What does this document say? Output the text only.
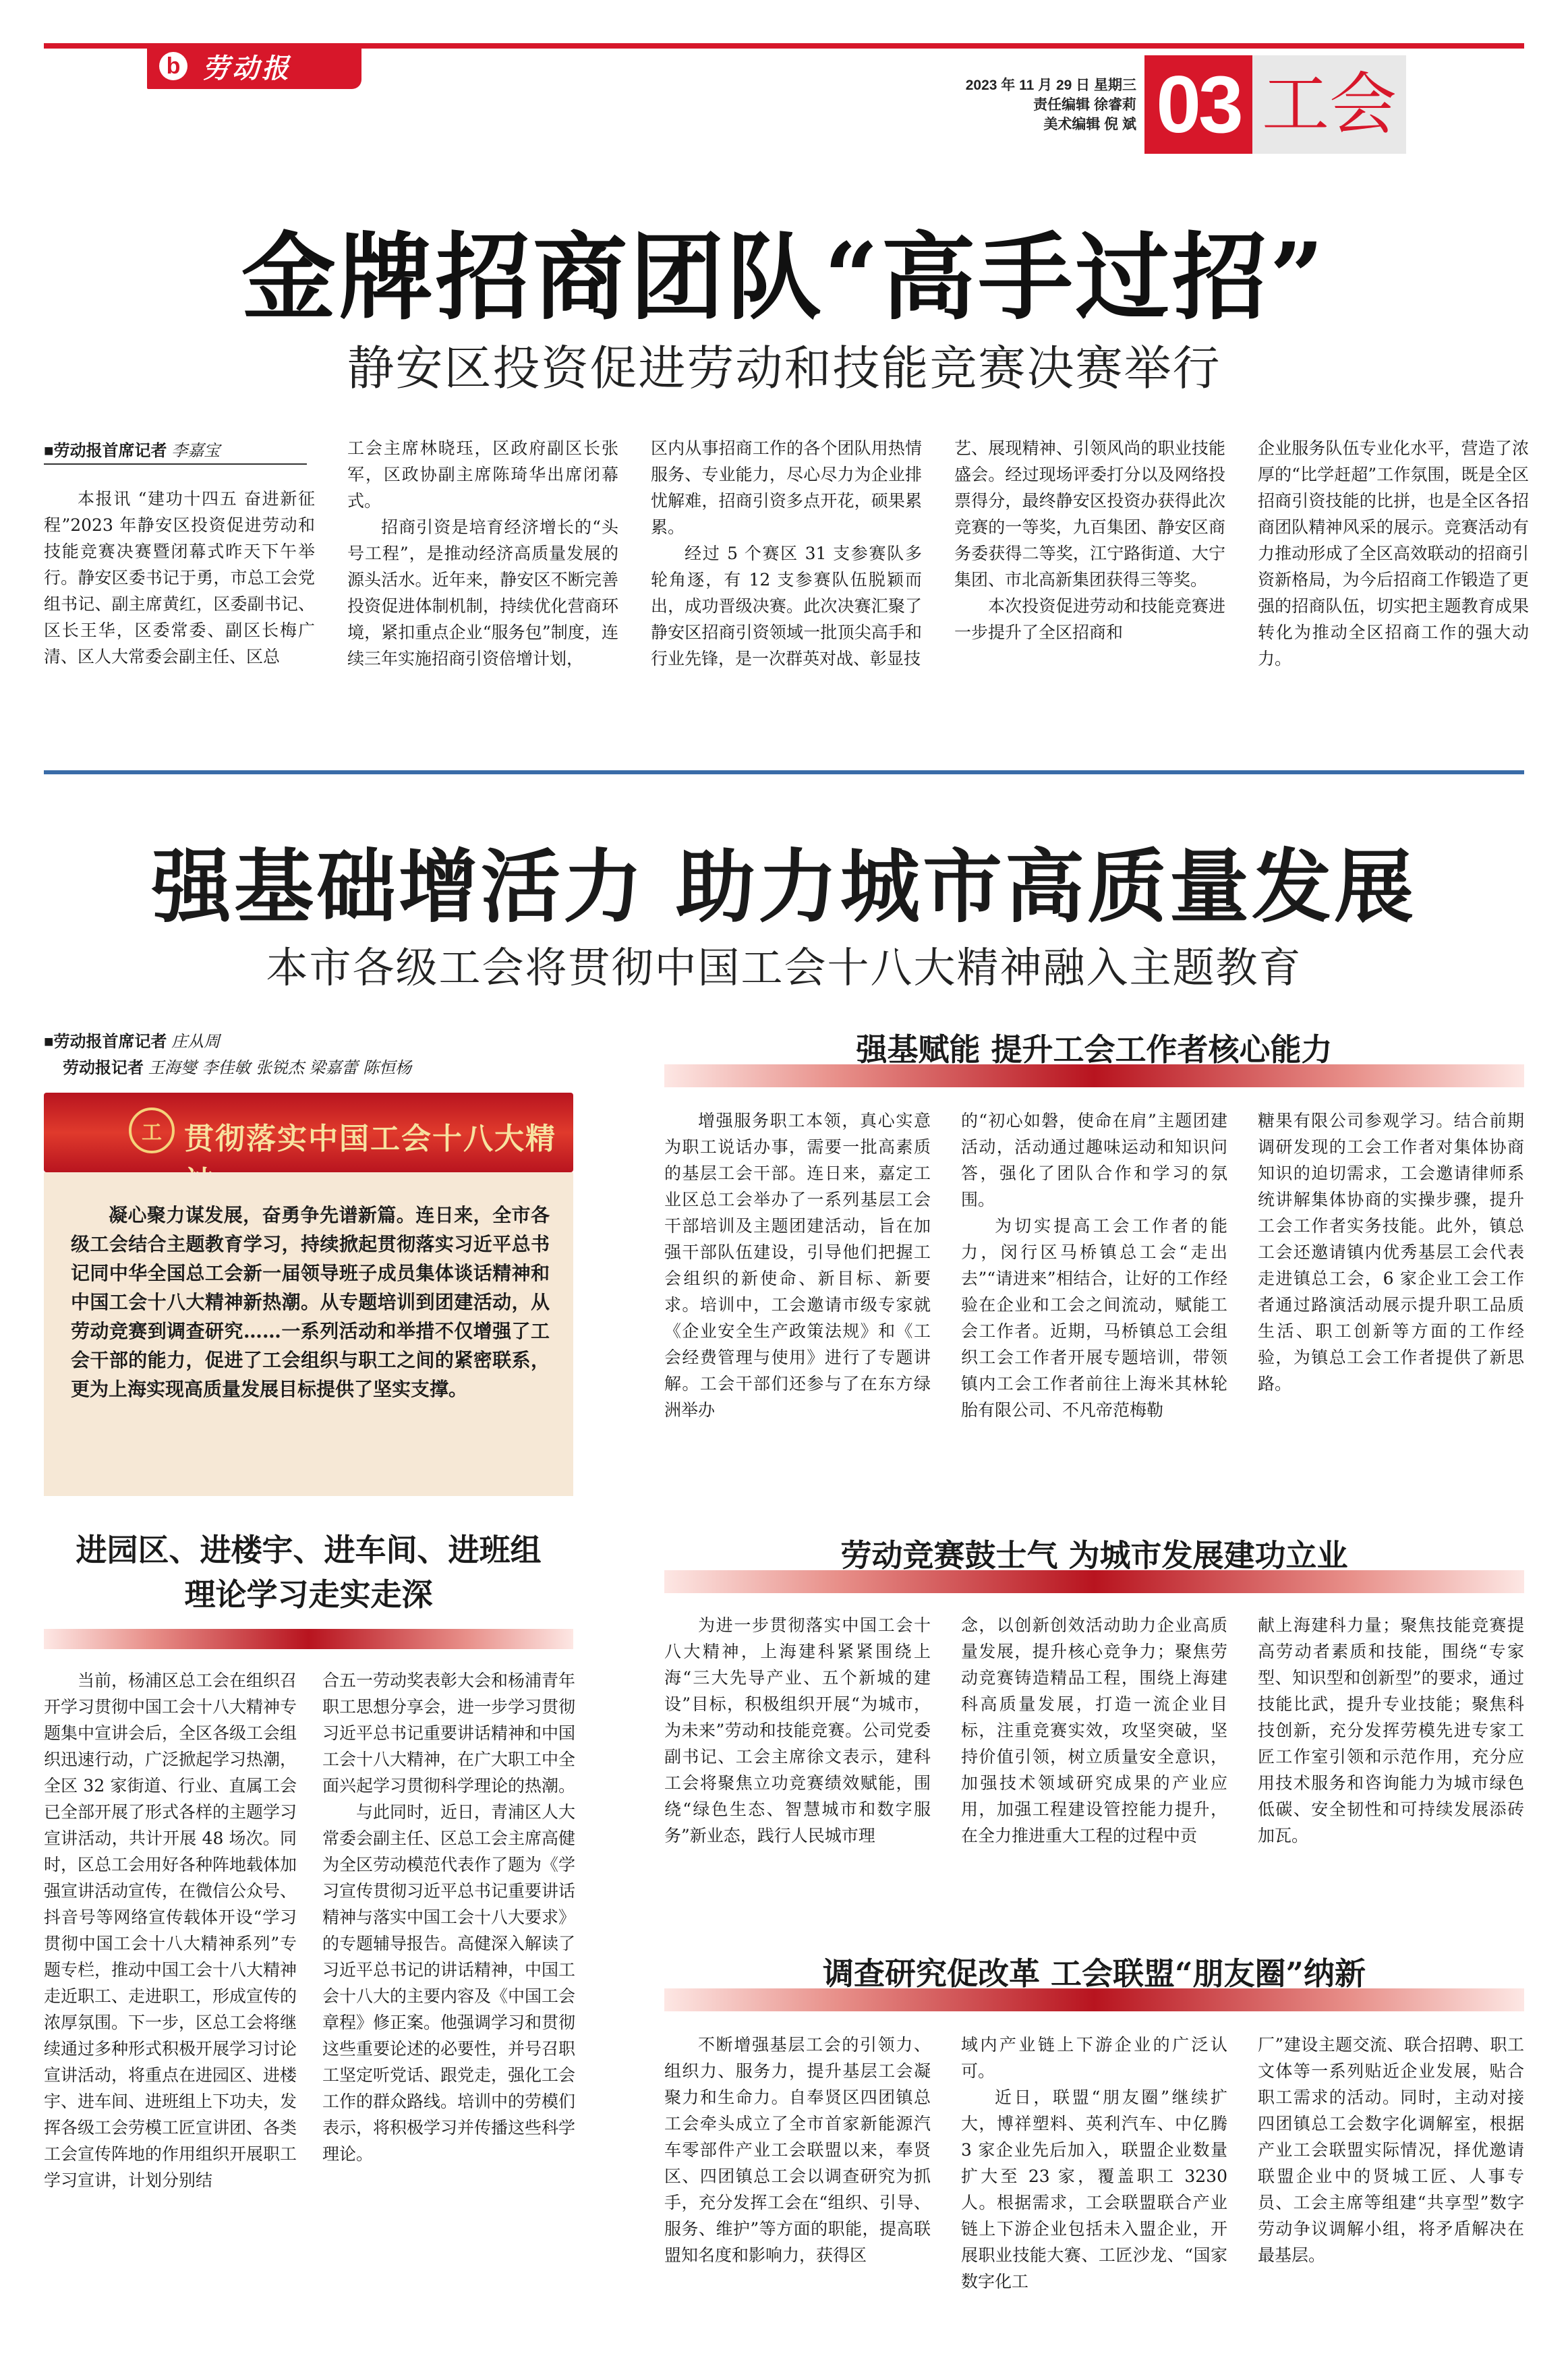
b 劳动报
2023 年 11 月 29 日 星期三
责任编辑 徐睿莉
美术编辑 倪 斌 03 工会
金牌招商团队“高手过招”
静安区投资促进劳动和技能竞赛决赛举行
■劳动报首席记者 李嘉宝

本报讯 “建功十四五 奋进新征程”2023 年静安区投资促进劳动和技能竞赛决赛暨闭幕式昨天下午举行。静安区委书记于勇，市总工会党组书记、副主席黄红，区委副书记、区长王华，区委常委、副区长梅广清、区人大常委会副主任、区总

工会主席林晓珏，区政府副区长张军，区政协副主席陈琦华出席闭幕式。

招商引资是培育经济增长的“头号工程”，是推动经济高质量发展的源头活水。近年来，静安区不断完善投资促进体制机制，持续优化营商环境，紧扣重点企业“服务包”制度，连续三年实施招商引资倍增计划，

区内从事招商工作的各个团队用热情服务、专业能力，尽心尽力为企业排忧解难，招商引资多点开花，硕果累累。

经过 5 个赛区 31 支参赛队多轮角逐，有 12 支参赛队伍脱颖而出，成功晋级决赛。此次决赛汇聚了静安区招商引资领域一批顶尖高手和行业先锋，是一次群英对战、彰显技

艺、展现精神、引领风尚的职业技能盛会。经过现场评委打分以及网络投票得分，最终静安区投资办获得此次竞赛的一等奖，九百集团、静安区商务委获得二等奖，江宁路街道、大宁集团、市北高新集团获得三等奖。

本次投资促进劳动和技能竞赛进一步提升了全区招商和

企业服务队伍专业化水平，营造了浓厚的“比学赶超”工作氛围，既是全区招商引资技能的比拼，也是全区各招商团队精神风采的展示。竞赛活动有力推动形成了全区高效联动的招商引资新格局，为今后招商工作锻造了更强的招商队伍，切实把主题教育成果转化为推动全区招商工作的强大动力。

强基础增活力 助力城市高质量发展
本市各级工会将贯彻中国工会十八大精神融入主题教育
■劳动报首席记者 庄从周
劳动报记者 王海燮 李佳敏 张锐杰 梁嘉蕾 陈恒杨
工 贯彻落实中国工会十八大精
凝心聚力谋发展，奋勇争先谱新篇。连日来，全市各级工会结合主题教育学习，持续掀起贯彻落实习近平总书记同中华全国总工会新一届领导班子成员集体谈话精神和中国工会十八大精神新热潮。从专题培训到团建活动，从劳动竞赛到调查研究……一系列活动和举措不仅增强了工会干部的能力，促进了工会组织与职工之间的紧密联系，更为上海实现高质量发展目标提供了坚实支撑。
强基赋能 提升工会工作者核心能力

增强服务职工本领，真心实意为职工说话办事，需要一批高素质的基层工会干部。连日来，嘉定工业区总工会举办了一系列基层工会干部培训及主题团建活动，旨在加强干部队伍建设，引导他们把握工会组织的新使命、新目标、新要求。培训中，工会邀请市级专家就《企业安全生产政策法规》和《工会经费管理与使用》进行了专题讲解。工会干部们还参与了在东方绿洲举办

的“初心如磐，使命在肩”主题团建活动，活动通过趣味运动和知识问答，强化了团队合作和学习的氛围。

为切实提高工会工作者的能力，闵行区马桥镇总工会“走出去”“请进来”相结合，让好的工作经验在企业和工会之间流动，赋能工会工作者。近期，马桥镇总工会组织工会工作者开展专题培训，带领镇内工会工作者前往上海米其林轮胎有限公司、不凡帝范梅勒

糖果有限公司参观学习。结合前期调研发现的工会工作者对集体协商知识的迫切需求，工会邀请律师系统讲解集体协商的实操步骤，提升工会工作者实务技能。此外，镇总工会还邀请镇内优秀基层工会代表走进镇总工会，6 家企业工会工作者通过路演活动展示提升职工品质生活、职工创新等方面的工作经验，为镇总工会工作者提供了新思路。

进园区、进楼宇、进车间、进班组
理论学习走实走深

当前，杨浦区总工会在组织召开学习贯彻中国工会十八大精神专题集中宣讲会后，全区各级工会组织迅速行动，广泛掀起学习热潮，全区 32 家街道、行业、直属工会已全部开展了形式各样的主题学习宣讲活动，共计开展 48 场次。同时，区总工会用好各种阵地载体加强宣讲活动宣传，在微信公众号、抖音号等网络宣传载体开设“学习贯彻中国工会十八大精神系列”专题专栏，推动中国工会十八大精神走近职工、走进职工，形成宣传的浓厚氛围。下一步，区总工会将继续通过多种形式积极开展学习讨论宣讲活动，将重点在进园区、进楼宇、进车间、进班组上下功夫，发挥各级工会劳模工匠宣讲团、各类工会宣传阵地的作用组织开展职工学习宣讲，计划分别结

合五一劳动奖表彰大会和杨浦青年职工思想分享会，进一步学习贯彻习近平总书记重要讲话精神和中国工会十八大精神，在广大职工中全面兴起学习贯彻科学理论的热潮。

与此同时，近日，青浦区人大常委会副主任、区总工会主席高健为全区劳动模范代表作了题为《学习宣传贯彻习近平总书记重要讲话精神与落实中国工会十八大要求》的专题辅导报告。高健深入解读了习近平总书记的讲话精神，中国工会十八大的主要内容及《中国工会章程》修正案。他强调学习和贯彻这些重要论述的必要性，并号召职工坚定听党话、跟党走，强化工会工作的群众路线。培训中的劳模们表示，将积极学习并传播这些科学理论。

劳动竞赛鼓士气 为城市发展建功立业

为进一步贯彻落实中国工会十八大精神，上海建科紧紧围绕上海“三大先导产业、五个新城的建设”目标，积极组织开展“为城市，为未来”劳动和技能竞赛。公司党委副书记、工会主席徐文表示，建科工会将聚焦立功竞赛绩效赋能，围绕“绿色生态、智慧城市和数字服务”新业态，践行人民城市理

念，以创新创效活动助力企业高质量发展，提升核心竞争力；聚焦劳动竞赛铸造精品工程，围绕上海建科高质量发展，打造一流企业目标，注重竞赛实效，攻坚突破，坚持价值引领，树立质量安全意识，加强技术领域研究成果的产业应用，加强工程建设管控能力提升，在全力推进重大工程的过程中贡

献上海建科力量；聚焦技能竞赛提高劳动者素质和技能，围绕“专家型、知识型和创新型”的要求，通过技能比武，提升专业技能；聚焦科技创新，充分发挥劳模先进专家工匠工作室引领和示范作用，充分应用技术服务和咨询能力为城市绿色低碳、安全韧性和可持续发展添砖加瓦。

调查研究促改革 工会联盟“朋友圈”纳新

不断增强基层工会的引领力、组织力、服务力，提升基层工会凝聚力和生命力。自奉贤区四团镇总工会牵头成立了全市首家新能源汽车零部件产业工会联盟以来，奉贤区、四团镇总工会以调查研究为抓手，充分发挥工会在“组织、引导、服务、维护”等方面的职能，提高联盟知名度和影响力，获得区

域内产业链上下游企业的广泛认可。

近日，联盟“朋友圈”继续扩大，博祥塑料、英利汽车、中亿腾 3 家企业先后加入，联盟企业数量扩大至 23 家，覆盖职工 3230 人。根据需求，工会联盟联合产业链上下游企业包括未入盟企业，开展职业技能大赛、工匠沙龙、“国家数字化工

厂”建设主题交流、联合招聘、职工文体等一系列贴近企业发展，贴合职工需求的活动。同时，主动对接四团镇总工会数字化调解室，根据产业工会联盟实际情况，择优邀请联盟企业中的贤城工匠、人事专员、工会主席等组建“共享型”数字劳动争议调解小组，将矛盾解决在最基层。
